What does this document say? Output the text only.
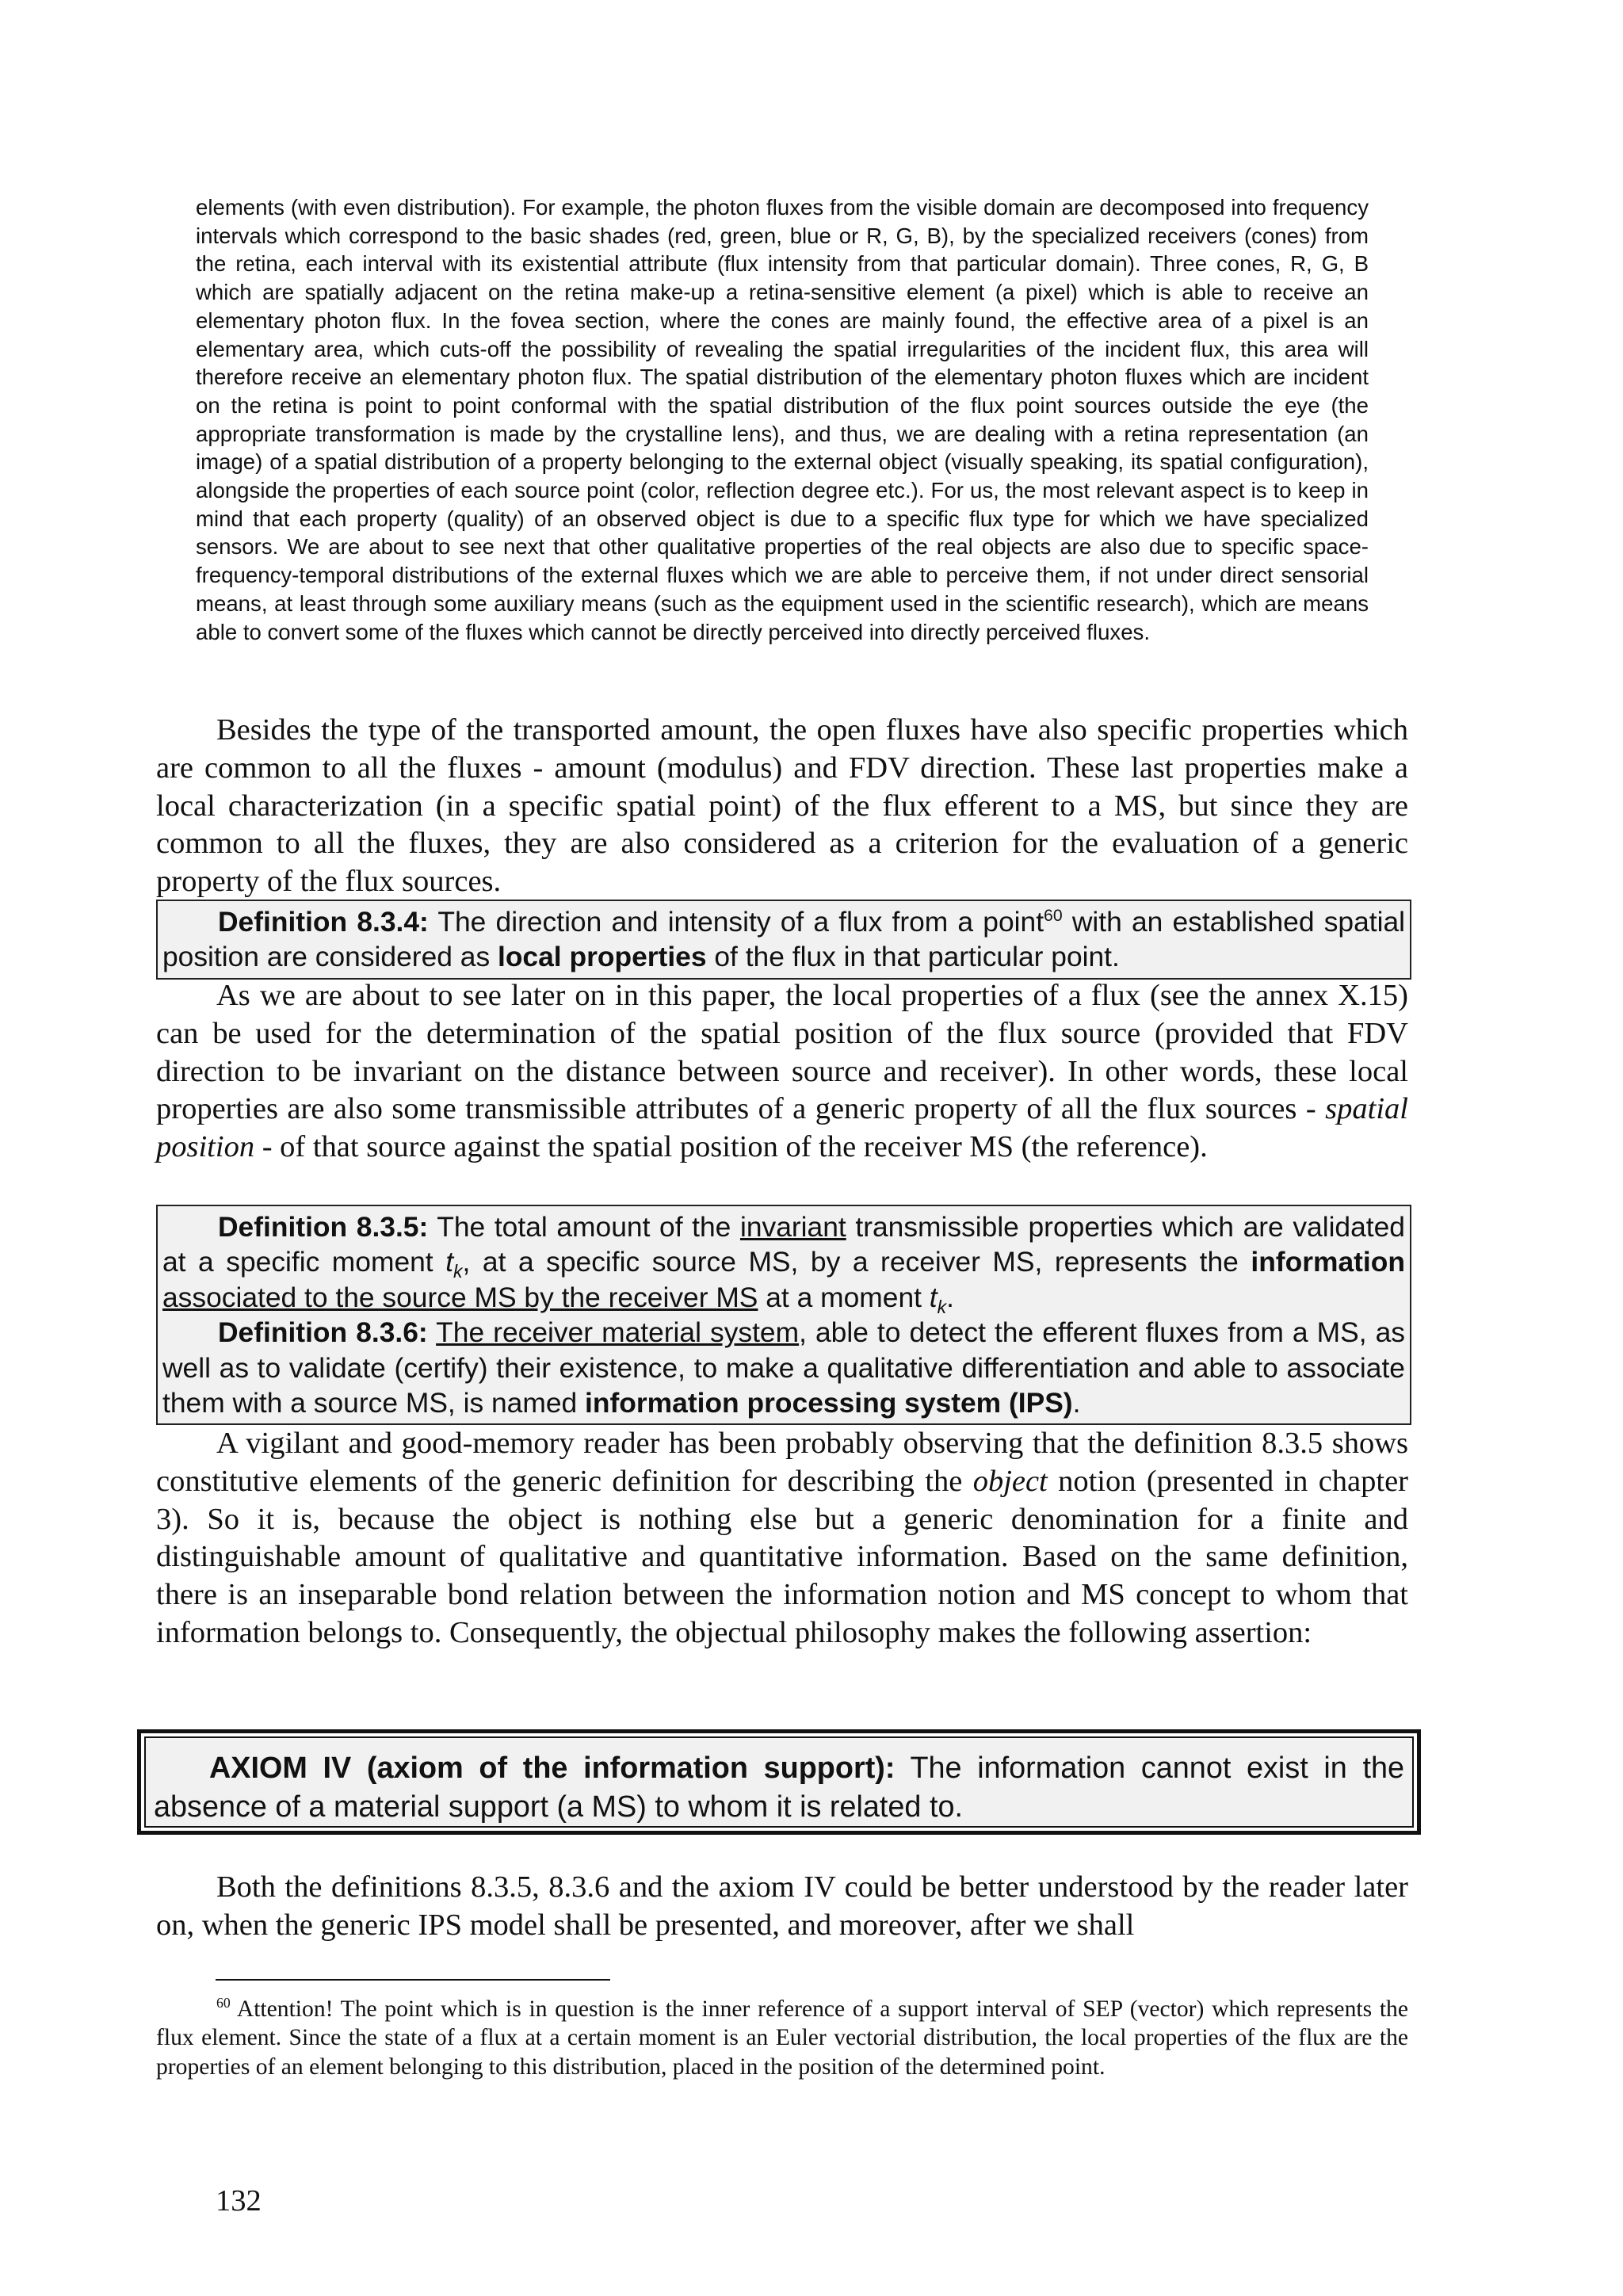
elements (with even distribution). For example, the photon fluxes from the visible domain are decomposed into frequency intervals which correspond to the basic shades (red, green, blue or R, G, B), by the specialized receivers (cones) from the retina, each interval with its existential attribute (flux intensity from that particular domain). Three cones, R, G, B which are spatially adjacent on the retina make-up a retina-sensitive element (a pixel) which is able to receive an elementary photon flux. In the fovea section, where the cones are mainly found, the effective area of a pixel is an elementary area, which cuts-off the possibility of revealing the spatial irregularities of the incident flux, this area will therefore receive an elementary photon flux. The spatial distribution of the elementary photon fluxes which are incident on the retina is point to point conformal with the spatial distribution of the flux point sources outside the eye (the appropriate transformation is made by the crystalline lens), and thus, we are dealing with a retina representation (an image) of a spatial distribution of a property belonging to the external object (visually speaking, its spatial configuration), alongside the properties of each source point (color, reflection degree etc.). For us, the most relevant aspect is to keep in mind that each property (quality) of an observed object is due to a specific flux type for which we have specialized sensors. We are about to see next that other qualitative properties of the real objects are also due to specific space-frequency-temporal distributions of the external fluxes which we are able to perceive them, if not under direct sensorial means, at least through some auxiliary means (such as the equipment used in the scientific research), which are means able to convert some of the fluxes which cannot be directly perceived into directly perceived fluxes.

Besides the type of the transported amount, the open fluxes have also specific properties which are common to all the fluxes - amount (modulus) and FDV direction. These last properties make a local characterization (in a specific spatial point) of the flux efferent to a MS, but since they are common to all the fluxes, they are also considered as a criterion for the evaluation of a generic property of the flux sources.

Definition 8.3.4: The direction and intensity of a flux from a point$^{60}$ with an established spatial position are considered as local properties of the flux in that particular point.

As we are about to see later on in this paper, the local properties of a flux (see the annex X.15) can be used for the determination of the spatial position of the flux source (provided that FDV direction to be invariant on the distance between source and receiver). In other words, these local properties are also some transmissible attributes of a generic property of all the flux sources - spatial position - of that source against the spatial position of the receiver MS (the reference).

Definition 8.3.5: The total amount of the invariant transmissible properties which are validated at a specific moment $t_k$, at a specific source MS, by a receiver MS, represents the information associated to the source MS by the receiver MS at a moment $t_k$.

Definition 8.3.6: The receiver material system, able to detect the efferent fluxes from a MS, as well as to validate (certify) their existence, to make a qualitative differentiation and able to associate them with a source MS, is named information processing system (IPS).

A vigilant and good-memory reader has been probably observing that the definition 8.3.5 shows constitutive elements of the generic definition for describing the object notion (presented in chapter 3). So it is, because the object is nothing else but a generic denomination for a finite and distinguishable amount of qualitative and quantitative information. Based on the same definition, there is an inseparable bond relation between the information notion and MS concept to whom that information belongs to. Consequently, the objectual philosophy makes the following assertion:

AXIOM IV (axiom of the information support): The information cannot exist in the absence of a material support (a MS) to whom it is related to.

Both the definitions 8.3.5, 8.3.6 and the axiom IV could be better understood by the reader later on, when the generic IPS model shall be presented, and moreover, after we shall

$^{60}$ Attention! The point which is in question is the inner reference of a support interval of SEP (vector) which represents the flux element. Since the state of a flux at a certain moment is an Euler vectorial distribution, the local properties of the flux are the properties of an element belonging to this distribution, placed in the position of the determined point.

132
